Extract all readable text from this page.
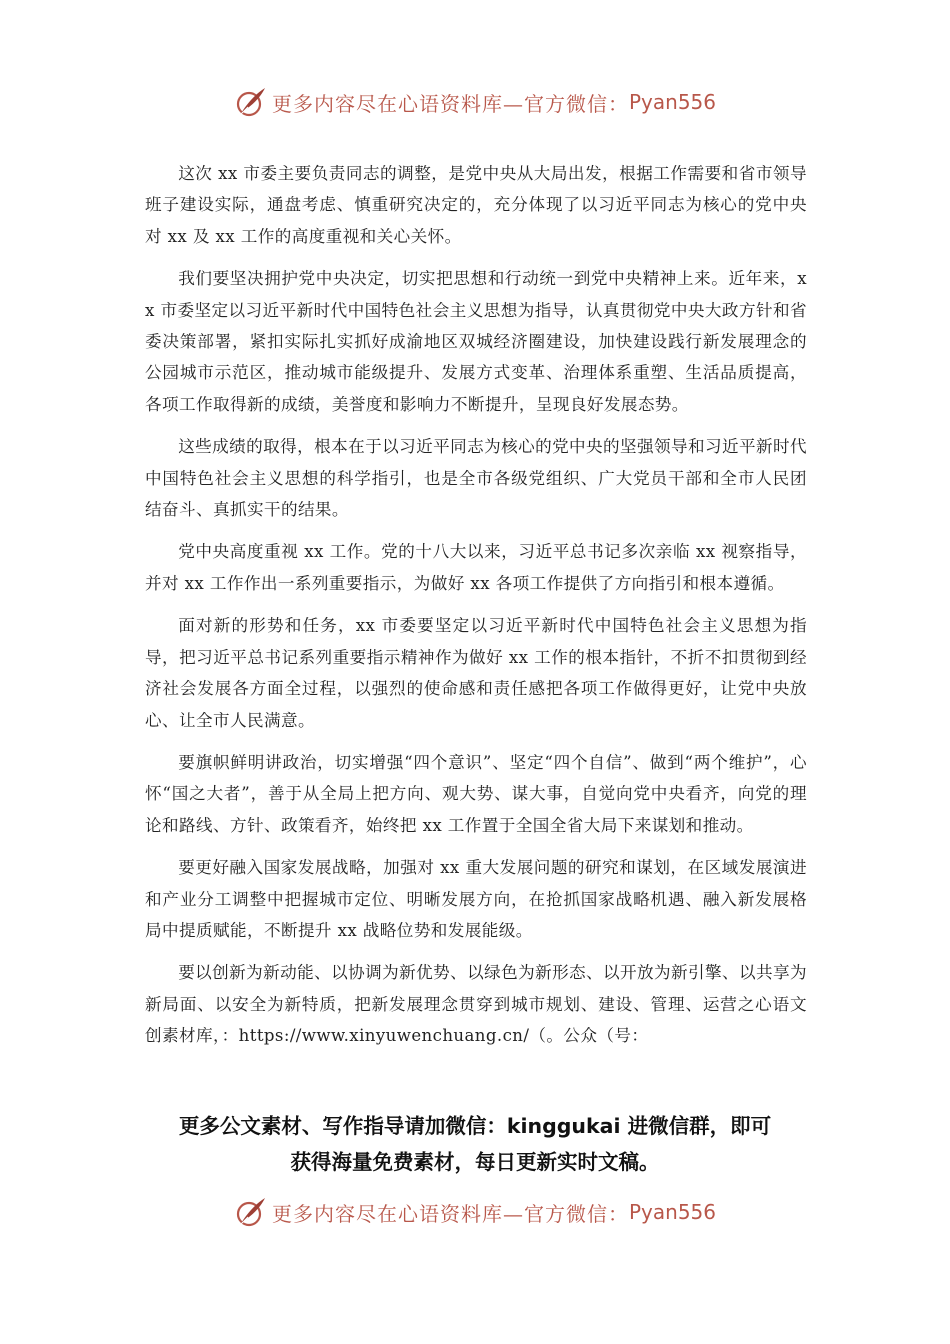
更多内容尽在心语资料库—官方微信： Pyan556

这次 xx 市委主要负责同志的调整，是党中央从大局出发，根据工作需要和省市领导班子建设实际，通盘考虑、慎重研究决定的，充分体现了以习近平同志为核心的党中央对 xx 及 xx 工作的高度重视和关心关怀。

我们要坚决拥护党中央决定，切实把思想和行动统一到党中央精神上来。近年来，xx 市委坚定以习近平新时代中国特色社会主义思想为指导，认真贯彻党中央大政方针和省委决策部署，紧扣实际扎实抓好成渝地区双城经济圈建设，加快建设践行新发展理念的公园城市示范区，推动城市能级提升、发展方式变革、治理体系重塑、生活品质提高，各项工作取得新的成绩，美誉度和影响力不断提升，呈现良好发展态势。

这些成绩的取得，根本在于以习近平同志为核心的党中央的坚强领导和习近平新时代中国特色社会主义思想的科学指引，也是全市各级党组织、广大党员干部和全市人民团结奋斗、真抓实干的结果。

党中央高度重视 xx 工作。党的十八大以来，习近平总书记多次亲临 xx 视察指导，并对 xx 工作作出一系列重要指示，为做好 xx 各项工作提供了方向指引和根本遵循。

面对新的形势和任务，xx 市委要坚定以习近平新时代中国特色社会主义思想为指导，把习近平总书记系列重要指示精神作为做好 xx 工作的根本指针，不折不扣贯彻到经济社会发展各方面全过程，以强烈的使命感和责任感把各项工作做得更好，让党中央放心、让全市人民满意。

要旗帜鲜明讲政治，切实增强“四个意识”、坚定“四个自信”、做到“两个维护”，心怀“国之大者”，善于从全局上把方向、观大势、谋大事，自觉向党中央看齐，向党的理论和路线、方针、政策看齐，始终把 xx 工作置于全国全省大局下来谋划和推动。

要更好融入国家发展战略，加强对 xx 重大发展问题的研究和谋划，在区域发展演进和产业分工调整中把握城市定位、明晰发展方向，在抢抓国家战略机遇、融入新发展格局中提质赋能，不断提升 xx 战略位势和发展能级。

要以创新为新动能、以协调为新优势、以绿色为新形态、以开放为新引擎、以共享为新局面、以安全为新特质，把新发展理念贯穿到城市规划、建设、管理、运营之心语文创素材库，：https://www.xinyuwenchuang.cn/（。公众（号：

更多公文素材、写作指导请加微信：kinggukai 进微信群，即可
获得海量免费素材，每日更新实时文稿。
更多内容尽在心语资料库—官方微信： Pyan556
